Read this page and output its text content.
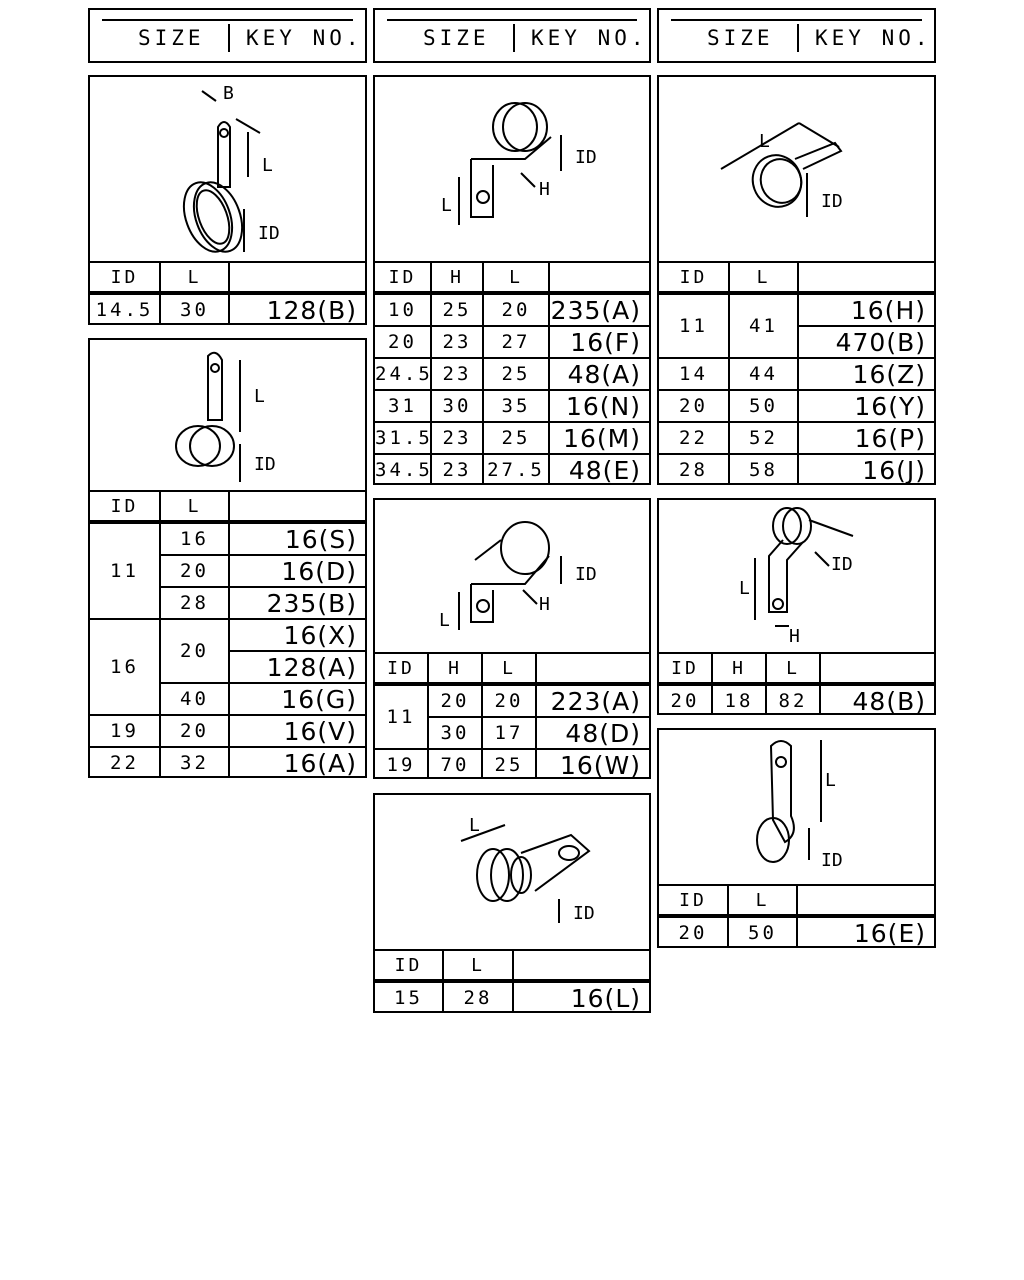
SIZE KEY NO.	SIZE KEY NO.	SIZE KEY NO.
B
L
ID
ID	L	
14.5	30	128(B)
L
ID
ID	L	
11	16	16(S)
	20	16(D)
	28	235(B)
16	20	16(X)
		128(A)
	40	16(G)
19	20	16(V)
22	32	16(A)
ID
H
L
ID	H	L	
10	25	20	235(A)
20	23	27	16(F)
24.5	23	25	48(A)
31	30	35	16(N)
31.5	23	25	16(M)
34.5	23	27.5	48(E)
ID
H
L
ID	H	L	
11	20	20	223(A)
	30	17	48(D)
19	70	25	16(W)
L
ID
ID	L	
15	28	16(L)
L
ID
ID	L	
11	41	16(H)
		470(B)
14	44	16(Z)
20	50	16(Y)
22	52	16(P)
28	58	16(J)
ID
L
H
ID	H	L	
20	18	82	48(B)
L
ID
ID	L	
20	50	16(E)
